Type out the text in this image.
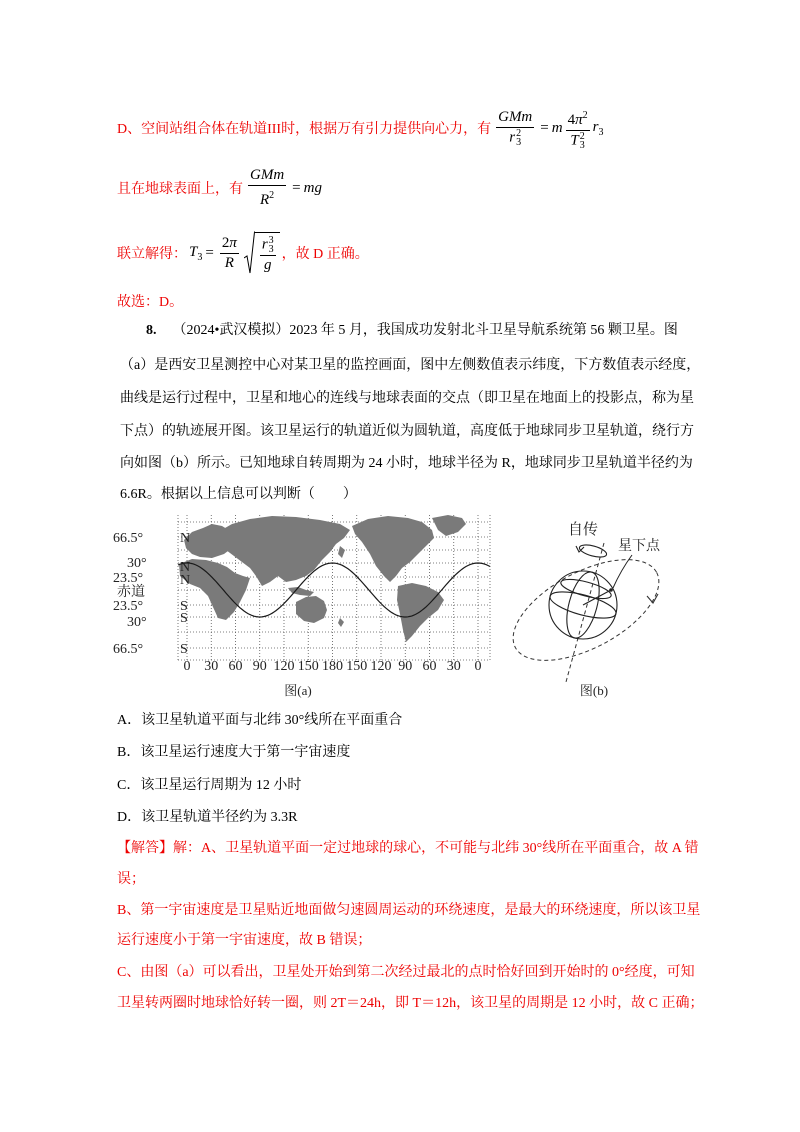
D、空间站组合体在轨道III时，根据万有引力提供向心力，有 GMm
r 2
3 = m $4\pi^2$
T 2
3 $r_3$
且在地球表面上，有 $\frac{\text{GMm}}{R^2}$ = mg
联立解得： $T_3 = \frac{2\pi}{R}$ r 3
3
g ，故 D 正确。
故选：D。
8. （2024•武汉模拟）2023 年 5 月，我国成功发射北斗卫星导航系统第 56 颗卫星。图
（a）是西安卫星测控中心对某卫星的监控画面，图中左侧数值表示纬度，下方数值表示经度，
曲线是运行过程中，卫星和地心的连线与地球表面的交点（即卫星在地面上的投影点，称为星
下点）的轨迹展开图。该卫星运行的轨道近似为圆轨道，高度低于地球同步卫星轨道，绕行方
向如图（b）所示。已知地球自转周期为 24 小时，地球半径为 R，地球同步卫星轨道半径约为
6.6R。根据以上信息可以判断（　　）
66.5°	N
30° N
23.5°	N
赤道
23.5°	S
30° S
66.5°	S
0 30 60 90 120 150 180 150 120 90 60 30 0
图(a)
自传
星下点
图(b)
A．该卫星轨道平面与北纬 30°线所在平面重合
B．该卫星运行速度大于第一宇宙速度
C．该卫星运行周期为 12 小时
D．该卫星轨道半径约为 3.3R
【解答】解：A、卫星轨道平面一定过地球的球心，不可能与北纬 30°线所在平面重合，故 A 错
误；
B、第一宇宙速度是卫星贴近地面做匀速圆周运动的环绕速度，是最大的环绕速度，所以该卫星
运行速度小于第一宇宙速度，故 B 错误；
C、由图（a）可以看出，卫星处开始到第二次经过最北的点时恰好回到开始时的 0°经度，可知
卫星转两圈时地球恰好转一圈，则 2T＝24h，即 T＝12h，该卫星的周期是 12 小时，故 C 正确；
